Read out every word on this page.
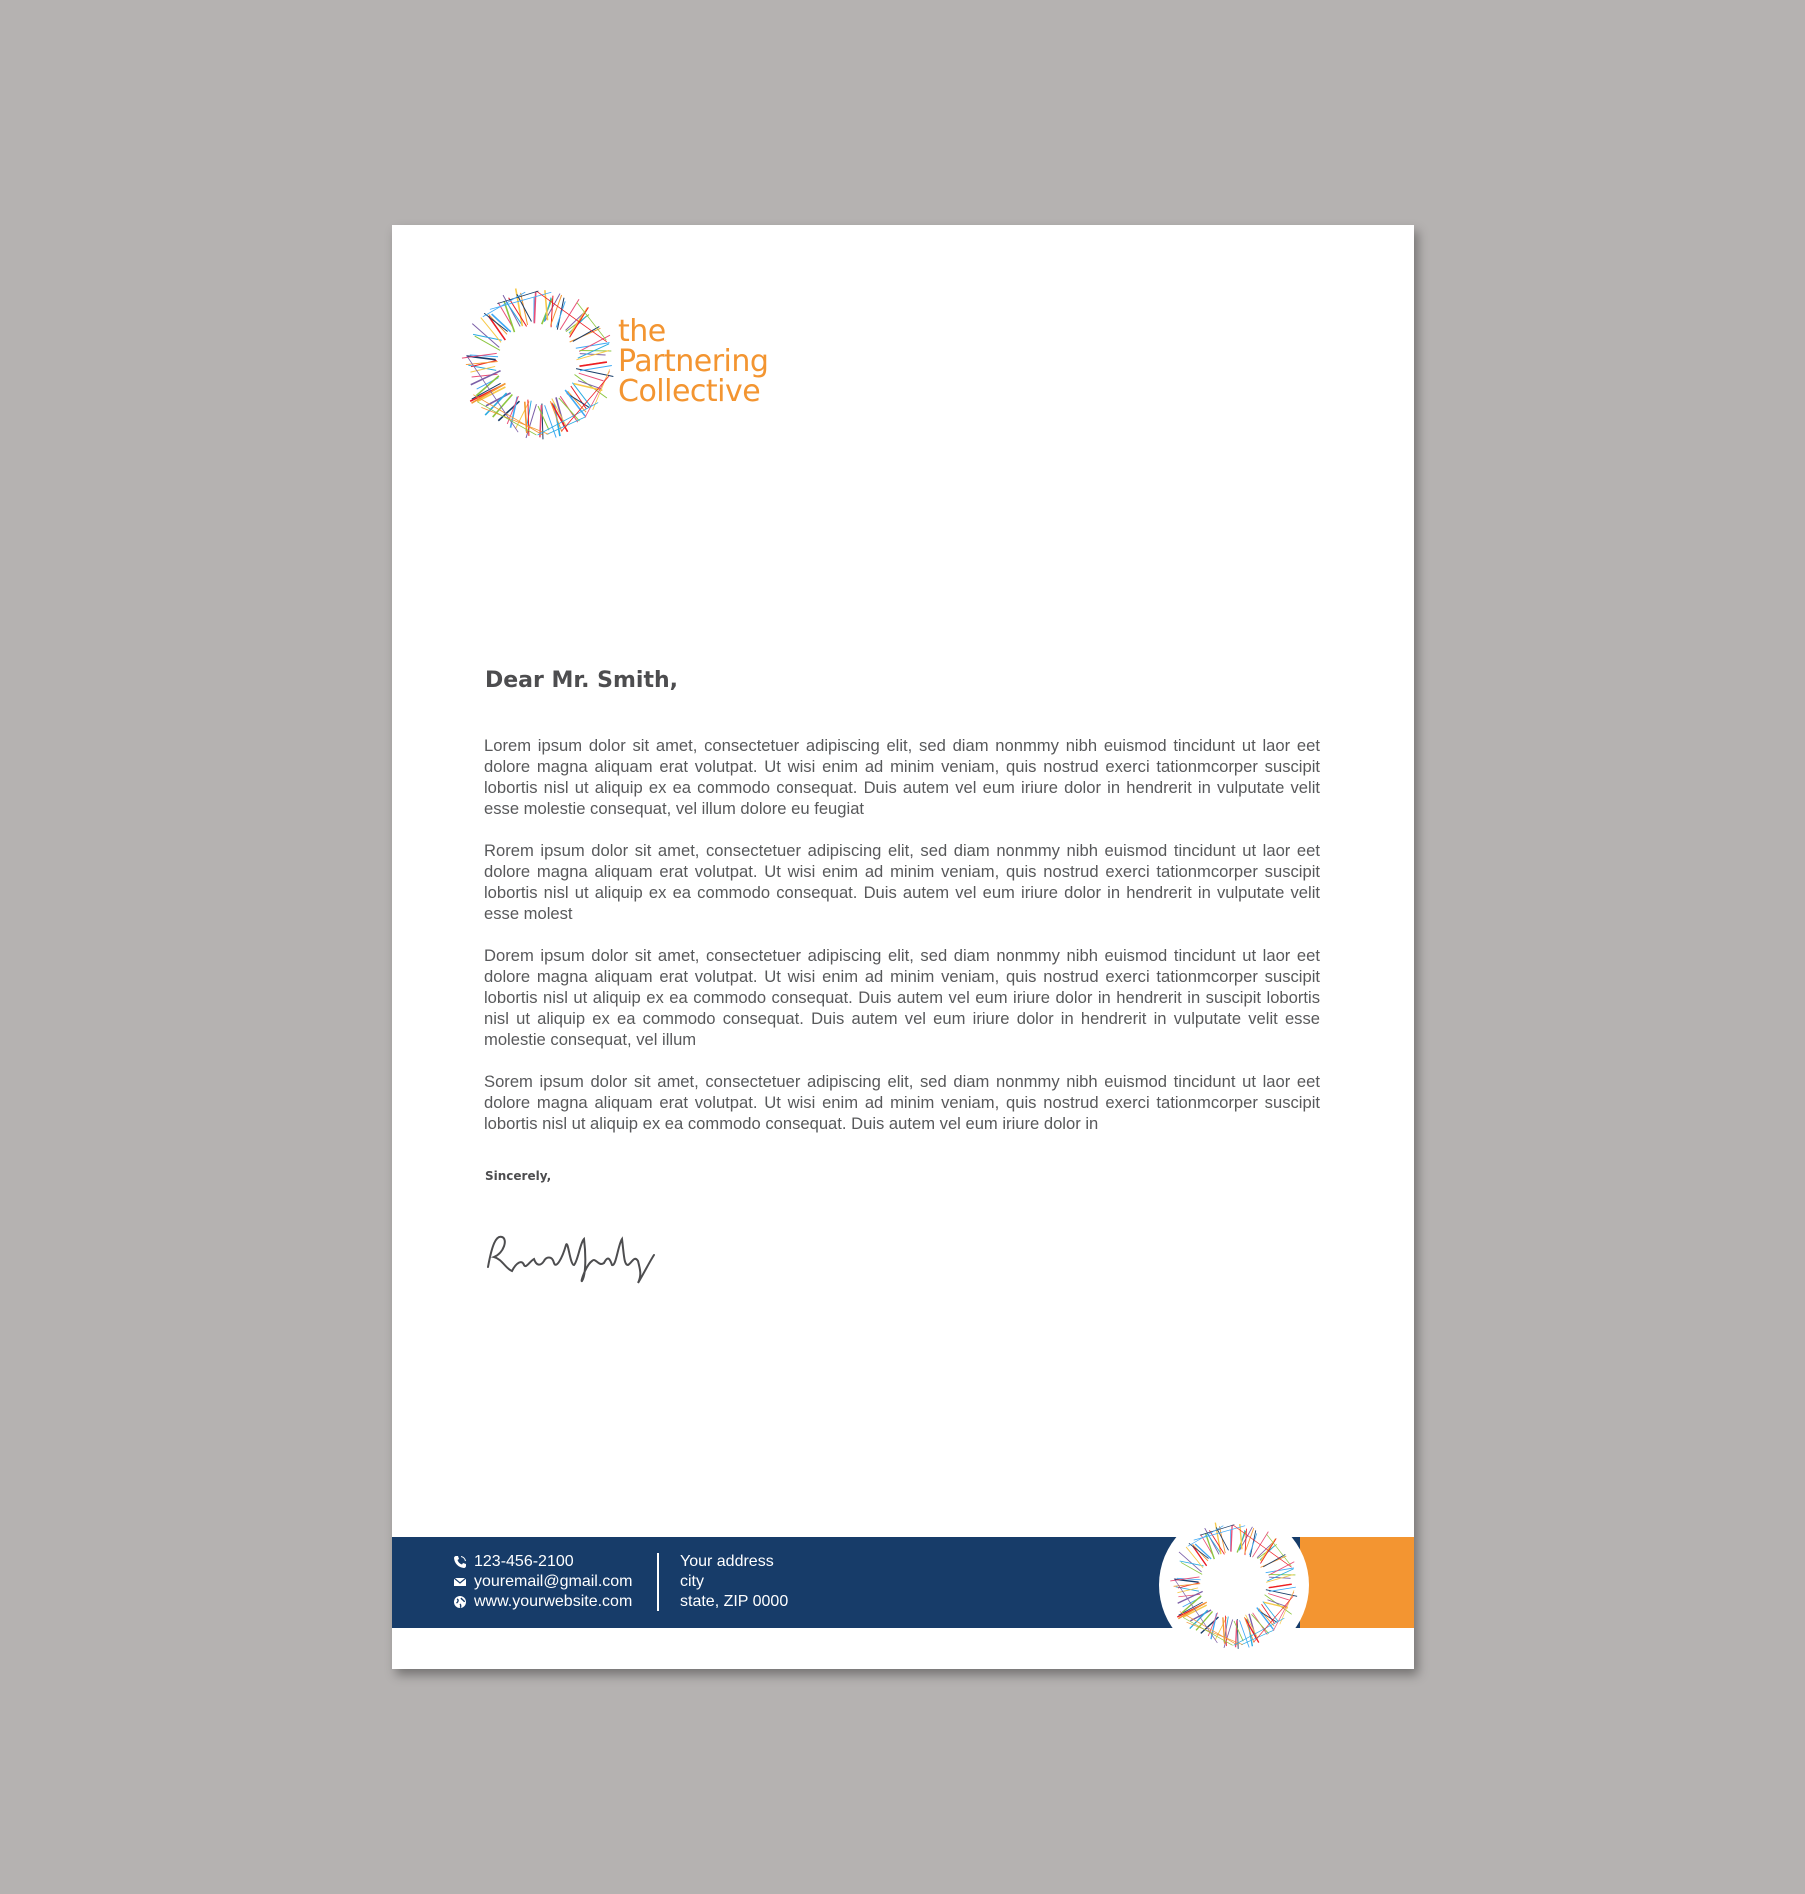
the
Partnering
Collective
Dear Mr. Smith,

Lorem ipsum dolor sit amet, consectetuer adipiscing elit, sed diam nonmmy nibh euismod tincidunt ut laor eet dolore magna aliquam erat volutpat. Ut wisi enim ad minim veniam, quis nostrud exerci tationmcorper suscipit lobortis nisl ut aliquip ex ea commodo consequat. Duis autem vel eum iriure dolor in hendrerit in vulputate velit esse molestie consequat, vel illum dolore eu feugiat

Rorem ipsum dolor sit amet, consectetuer adipiscing elit, sed diam nonmmy nibh euismod tincidunt ut laor eet dolore magna aliquam erat volutpat. Ut wisi enim ad minim veniam, quis nostrud exerci tationmcorper suscipit lobortis nisl ut aliquip ex ea commodo consequat. Duis autem vel eum iriure dolor in hendrerit in vulputate velit esse molest

Dorem ipsum dolor sit amet, consectetuer adipiscing elit, sed diam nonmmy nibh euismod tincidunt ut laor eet dolore magna aliquam erat volutpat. Ut wisi enim ad minim veniam, quis nostrud exerci tationmcorper suscipit lobortis nisl ut aliquip ex ea commodo consequat. Duis autem vel eum iriure dolor in hendrerit in suscipit lobortis nisl ut aliquip ex ea commodo consequat. Duis autem vel eum iriure dolor in hendrerit in vulputate velit esse molestie consequat, vel illum

Sorem ipsum dolor sit amet, consectetuer adipiscing elit, sed diam nonmmy nibh euismod tincidunt ut laor eet dolore magna aliquam erat volutpat. Ut wisi enim ad minim veniam, quis nostrud exerci tationmcorper suscipit lobortis nisl ut aliquip ex ea commodo consequat. Duis autem vel eum iriure dolor in

Sincerely,
123-456-2100
youremail@gmail.com
www.yourwebsite.com
Your address
city
state, ZIP 0000
